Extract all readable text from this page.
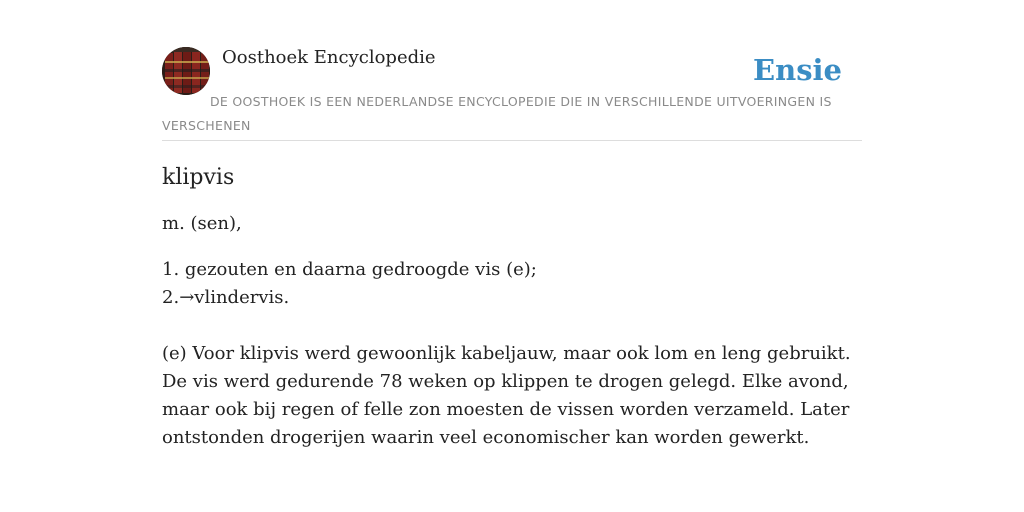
Oosthoek Encyclopedie	Ensie
DE OOSTHOEK IS EEN NEDERLANDSE ENCYCLOPEDIE DIE IN VERSCHILLENDE UITVOERINGEN IS VERSCHENEN
klipvis

m. (sen),

1. gezouten en daarna gedroogde vis (e);
2.→vlindervis.

(e) Voor klipvis werd gewoonlijk kabeljauw, maar ook lom en leng gebruikt. De vis werd gedurende 78 weken op klippen te drogen gelegd. Elke avond, maar ook bij regen of felle zon moesten de vissen worden verzameld. Later ontstonden drogerijen waarin veel economischer kan worden gewerkt.
